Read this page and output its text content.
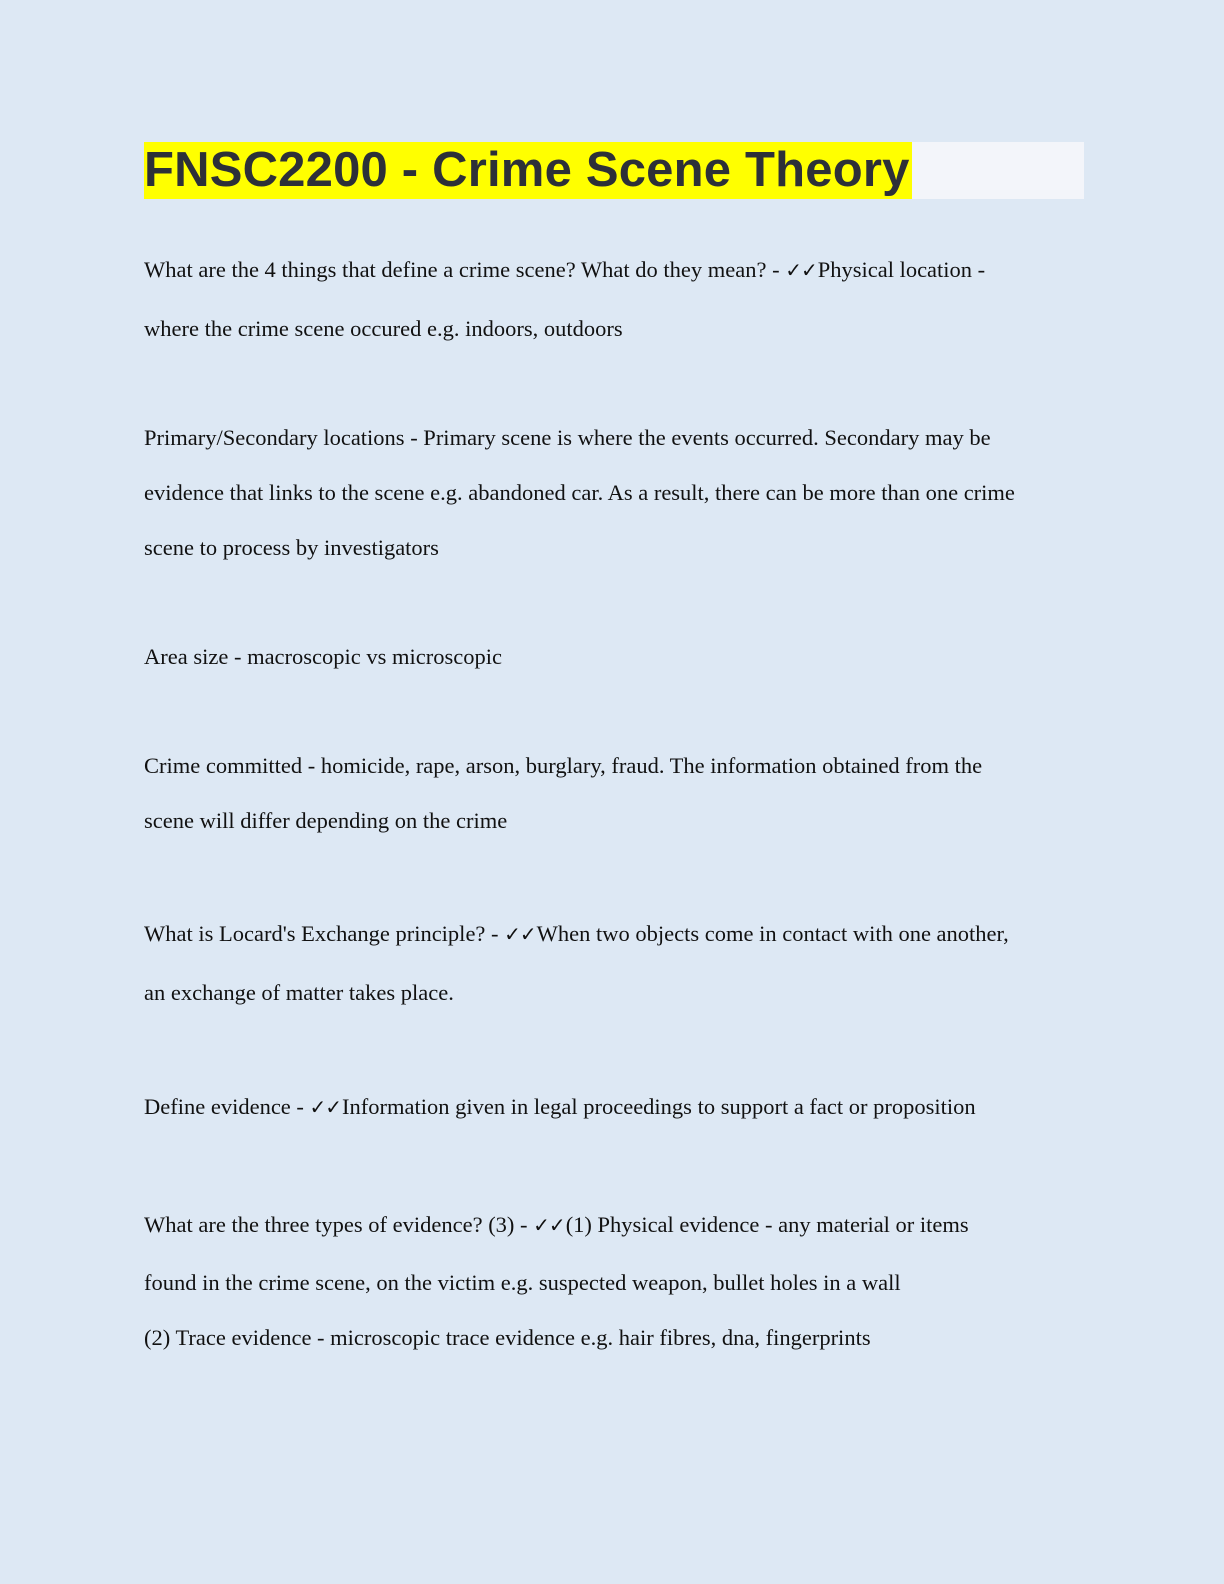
FNSC2200 - Crime Scene Theory
What are the 4 things that define a crime scene? What do they mean? - ✓✓Physical location -
where the crime scene occured e.g. indoors, outdoors
Primary/Secondary locations - Primary scene is where the events occurred. Secondary may be
evidence that links to the scene e.g. abandoned car. As a result, there can be more than one crime
scene to process by investigators
Area size - macroscopic vs microscopic
Crime committed - homicide, rape, arson, burglary, fraud. The information obtained from the
scene will differ depending on the crime
What is Locard's Exchange principle? - ✓✓When two objects come in contact with one another,
an exchange of matter takes place.
Define evidence - ✓✓Information given in legal proceedings to support a fact or proposition
What are the three types of evidence? (3) - ✓✓(1) Physical evidence - any material or items
found in the crime scene, on the victim e.g. suspected weapon, bullet holes in a wall
(2) Trace evidence - microscopic trace evidence e.g. hair fibres, dna, fingerprints
